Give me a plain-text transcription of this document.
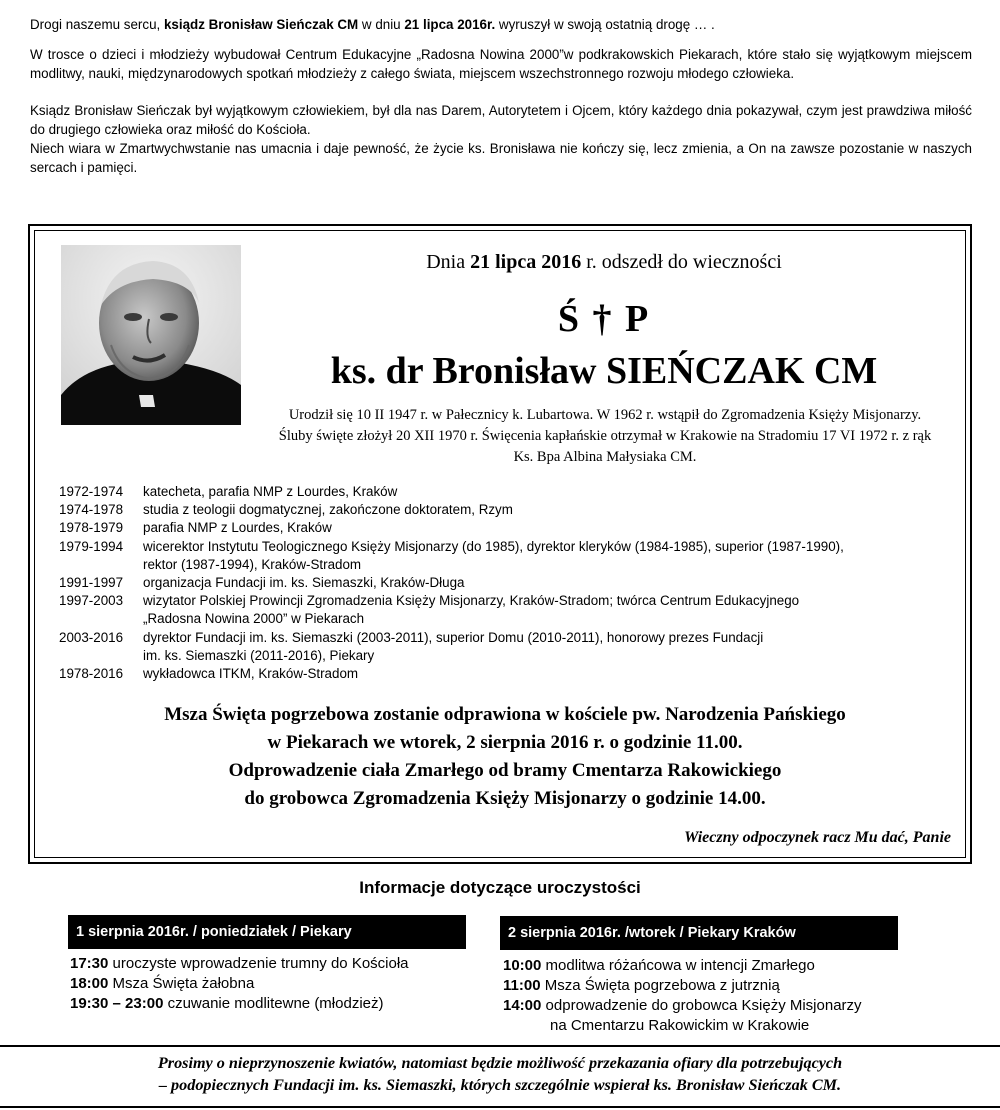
Drogi naszemu sercu, ksiądz Bronisław Sieńczak CM w dniu 21 lipca 2016r. wyruszył w swoją ostatnią drogę … .

W trosce o dzieci i młodzieży wybudował Centrum Edukacyjne „Radosna Nowina 2000”w podkrakowskich Piekarach, które stało się wyjątkowym miejscem modlitwy, nauki, międzynarodowych spotkań młodzieży z całego świata, miejscem wszechstronnego rozwoju młodego człowieka.

Ksiądz Bronisław Sieńczak był wyjątkowym człowiekiem, był dla nas Darem, Autorytetem i Ojcem, który każdego dnia pokazywał, czym jest prawdziwa miłość do drugiego człowieka oraz miłość do Kościoła.

Niech wiara w Zmartwychwstanie nas umacnia i daje pewność, że życie ks. Bronisława nie kończy się, lecz zmienia, a On na zawsze pozostanie w naszych sercach i pamięci.

Dnia 21 lipca 2016 r. odszedł do wieczności
Ś † P
ks. dr Bronisław SIEŃCZAK CM
Urodził się 10 II 1947 r. w Pałecznicy k. Lubartowa. W 1962 r. wstąpił do Zgromadzenia Księży Misjonarzy. Śluby święte złożył 20 XII 1970 r. Święcenia kapłańskie otrzymał w Krakowie na Stradomiu 17 VI 1972 r. z rąk Ks. Bpa Albina Małysiaka CM.
1972-1974	katecheta, parafia NMP z Lourdes, Kraków
1974-1978	studia z teologii dogmatycznej, zakończone doktoratem, Rzym
1978-1979	parafia NMP z Lourdes, Kraków
1979-1994	wicerektor Instytutu Teologicznego Księży Misjonarzy (do 1985), dyrektor kleryków (1984-1985), superior (1987-1990),
rektor (1987-1994), Kraków-Stradom
1991-1997	organizacja Fundacji im. ks. Siemaszki, Kraków-Długa
1997-2003	wizytator Polskiej Prowincji Zgromadzenia Księży Misjonarzy, Kraków-Stradom; twórca Centrum Edukacyjnego
„Radosna Nowina 2000” w Piekarach
2003-2016	dyrektor Fundacji im. ks. Siemaszki (2003-2011), superior Domu (2010-2011), honorowy prezes Fundacji
im. ks. Siemaszki (2011-2016), Piekary
1978-2016	wykładowca ITKM, Kraków-Stradom
Msza Święta pogrzebowa zostanie odprawiona w kościele pw. Narodzenia Pańskiego
w Piekarach we wtorek, 2 sierpnia 2016 r. o godzinie 11.00.
Odprowadzenie ciała Zmarłego od bramy Cmentarza Rakowickiego
do grobowca Zgromadzenia Księży Misjonarzy o godzinie 14.00.
Wieczny odpoczynek racz Mu dać, Panie
Informacje dotyczące uroczystości
1 sierpnia 2016r. / poniedziałek / Piekary	2 sierpnia 2016r. /wtorek / Piekary Kraków
17:30 uroczyste wprowadzenie trumny do Kościoła
18:00 Msza Święta żałobna
19:30 – 23:00 czuwanie modlitewne (młodzież)
10:00 modlitwa różańcowa w intencji Zmarłego
11:00 Msza Święta pogrzebowa z jutrznią
14:00 odprowadzenie do grobowca Księży Misjonarzy
na Cmentarzu Rakowickim w Krakowie
Prosimy o nieprzynoszenie kwiatów, natomiast będzie możliwość przekazania ofiary dla potrzebujących
– podopiecznych Fundacji im. ks. Siemaszki, których szczególnie wspierał ks. Bronisław Sieńczak CM.
